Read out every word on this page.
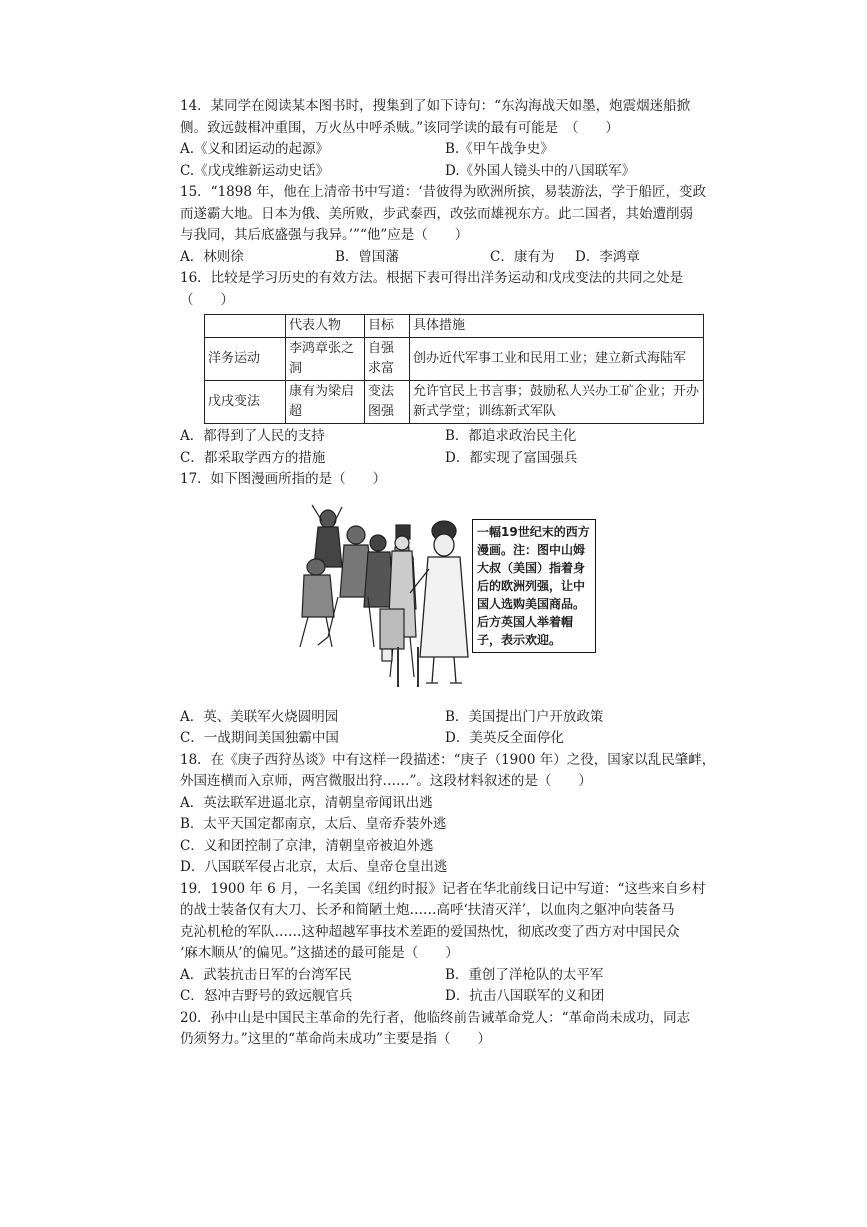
14．某同学在阅读某本图书时，搜集到了如下诗句：“东沟海战天如墨，炮震烟迷船掀
侧。致远鼓楫冲重围，万火丛中呼杀贼。”该同学读的最有可能是　（　　）
A.《义和团运动的起源》	B.《甲午战争史》
C.《戊戌维新运动史话》	D.《外国人镜头中的八国联军》
15．“1898 年，他在上清帝书中写道：‘昔彼得为欧洲所摈，易装游法，学于船匠，变政
而遂霸大地。日本为俄、美所败，步武泰西，改弦而雄视东方。此二国者，其始遭削弱
与我同，其后底盛强与我异。’”“他”应是（　　）
A．林则徐	B．曾国藩	C．康有为	D．李鸿章
16．比较是学习历史的有效方法。根据下表可得出洋务运动和戊戌变法的共同之处是
（　　）
	代表人物	目标	具体措施
洋务运动	李鸿章张之洞	自强求富	创办近代军事工业和民用工业；建立新式海陆军
戊戌变法	康有为梁启超	变法图强	允许官民上书言事；鼓励私人兴办工矿企业；开办新式学堂；训练新式军队
A．都得到了人民的支持	B．都追求政治民主化
C．都采取学西方的措施	D．都实现了富国强兵
17．如下图漫画所指的是（　　）
一幅19世纪末的西方漫画。注：图中山姆大叔（美国）指着身后的欧洲列强，让中国人选购美国商品。后方英国人举着帽子，表示欢迎。
A．英、美联军火烧圆明园	B．美国提出门户开放政策
C．一战期间美国独霸中国	D．美英反全面停化
18．在《庚子西狩丛谈》中有这样一段描述：“庚子（1900 年）之役，国家以乱民肇衅，
外国连横而入京师，两宫微服出狩……”。这段材料叙述的是（　　）
A．英法联军进逼北京，清朝皇帝闻讯出逃
B．太平天国定都南京，太后、皇帝乔装外逃
C．义和团控制了京津，清朝皇帝被迫外逃
D．八国联军侵占北京，太后、皇帝仓皇出逃
19．1900 年 6 月，一名美国《纽约时报》记者在华北前线日记中写道：“这些来自乡村
的战士装备仅有大刀、长矛和简陋土炮……高呼‘扶清灭洋’，以血肉之躯冲向装备马
克沁机枪的军队……这种超越军事技术差距的爱国热忱，彻底改变了西方对中国民众
‘麻木顺从’的偏见。”这描述的最可能是（　　）
A．武装抗击日军的台湾军民	B．重创了洋枪队的太平军
C．怒冲吉野号的致远舰官兵	D．抗击八国联军的义和团
20．孙中山是中国民主革命的先行者，他临终前告诫革命党人：“革命尚未成功，同志
仍须努力。”这里的“革命尚未成功”主要是指（　　）
